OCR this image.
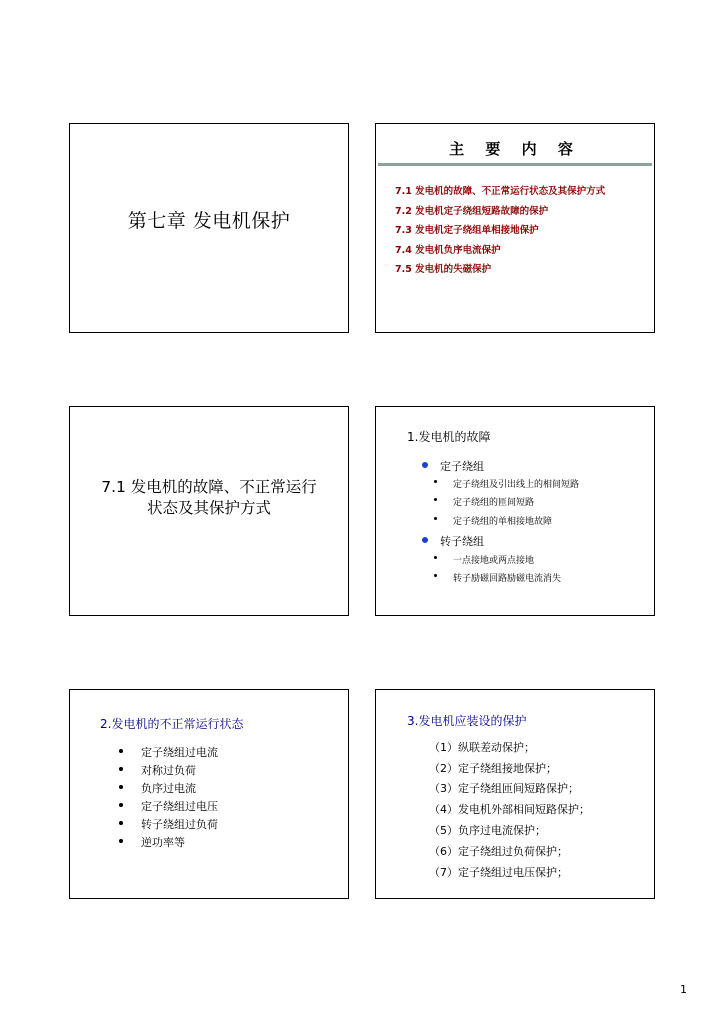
第七章 发电机保护
主 要 内 容
7.1 发电机的故障、不正常运行状态及其保护方式
7.2 发电机定子绕组短路故障的保护
7.3 发电机定子绕组单相接地保护
7.4 发电机负序电流保护
7.5 发电机的失磁保护
7.1 发电机的故障、不正常运行
状态及其保护方式
1.发电机的故障
定子绕组
定子绕组及引出线上的相间短路
定子绕组的匝间短路
定子绕组的单相接地故障
转子绕组
一点接地或两点接地
转子励磁回路励磁电流消失
2.发电机的不正常运行状态
定子绕组过电流
对称过负荷
负序过电流
定子绕组过电压
转子绕组过负荷
逆功率等
3.发电机应装设的保护
（1）纵联差动保护；
（2）定子绕组接地保护；
（3）定子绕组匝间短路保护；
（4）发电机外部相间短路保护；
（5）负序过电流保护；
（6）定子绕组过负荷保护；
（7）定子绕组过电压保护；
1
